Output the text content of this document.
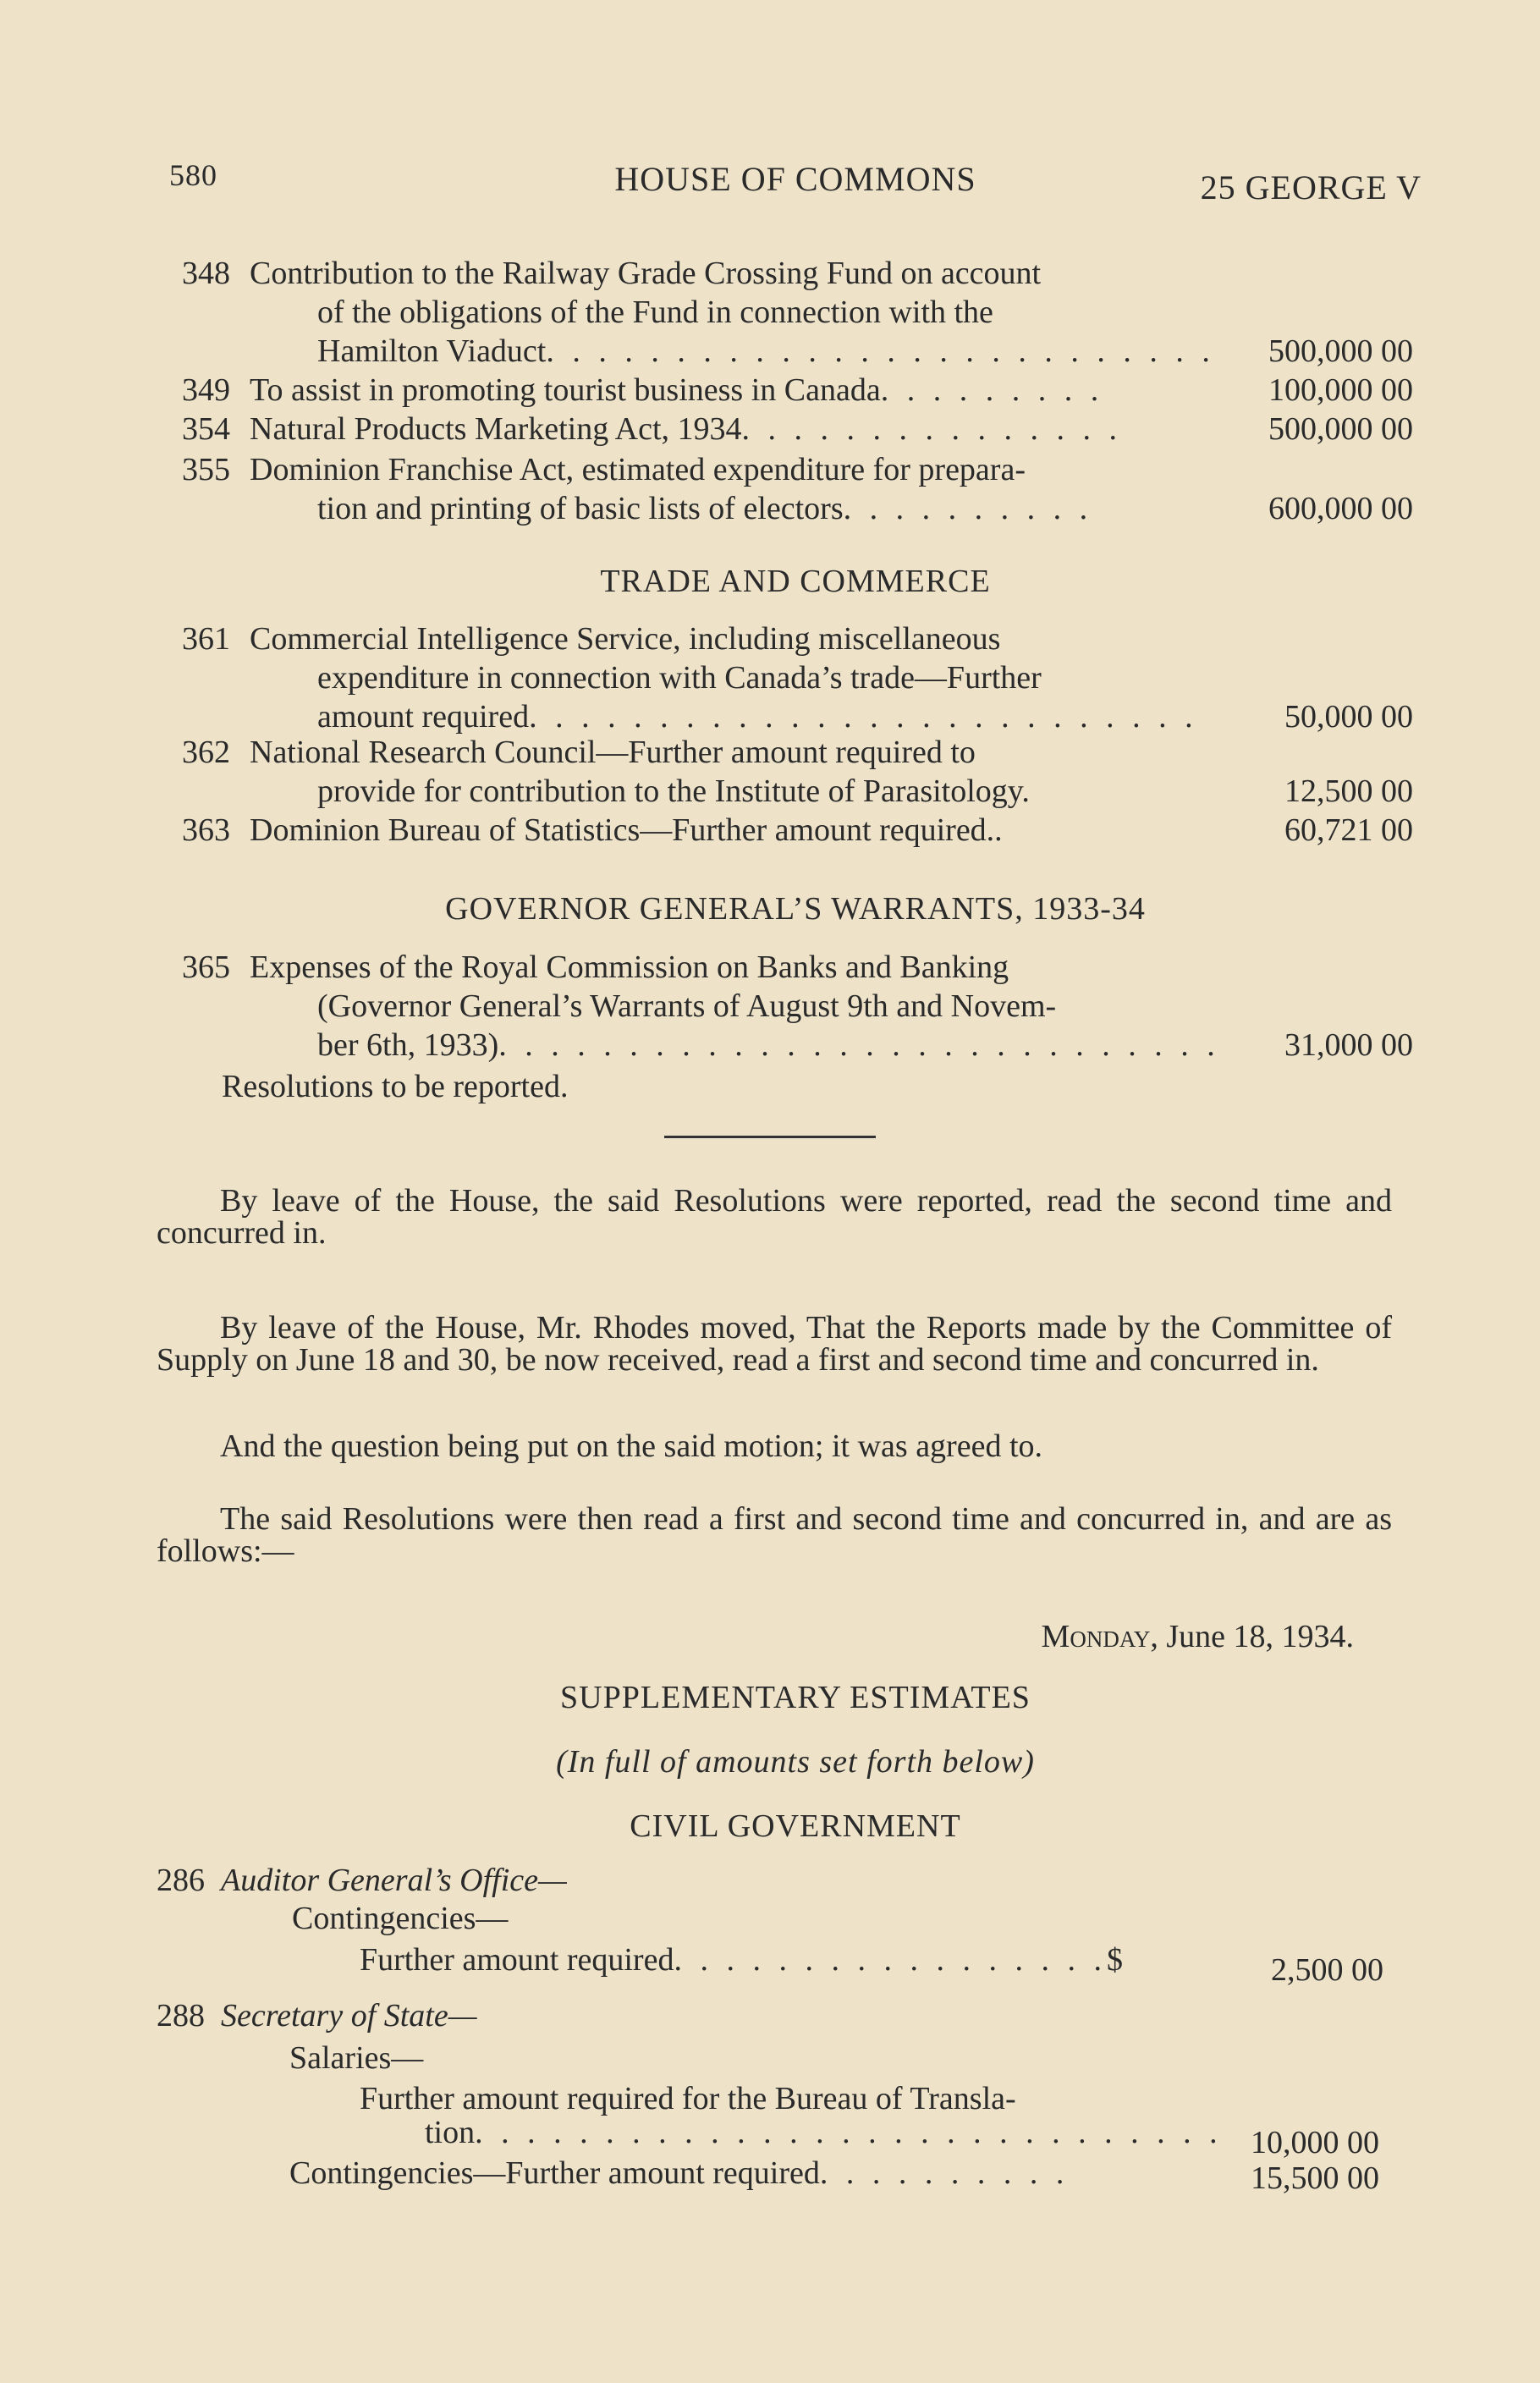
580	HOUSE OF COMMONS	25 GEORGE V
348 Contribution to the Railway Grade Crossing Fund on account
of the obligations of the Fund in connection with the
Hamilton Viaduct. . . . . . . . . . . . . . . . . . . . . . . . . .	500,000 00
349 To assist in promoting tourist business in Canada. . . . . . . . .	100,000 00
354 Natural Products Marketing Act, 1934. . . . . . . . . . . . . . .	500,000 00
355 Dominion Franchise Act, estimated expenditure for prepara-
tion and printing of basic lists of electors. . . . . . . . . .	600,000 00
TRADE AND COMMERCE
361 Commercial Intelligence Service, including miscellaneous
expenditure in connection with Canada’s trade—Further
amount required. . . . . . . . . . . . . . . . . . . . . . . . . .	50,000 00
362 National Research Council—Further amount required to
provide for contribution to the Institute of Parasitology.	12,500 00
363 Dominion Bureau of Statistics—Further amount required..	60,721 00
GOVERNOR GENERAL’S WARRANTS, 1933-34
365 Expenses of the Royal Commission on Banks and Banking
(Governor General’s Warrants of August 9th and Novem-
ber 6th, 1933). . . . . . . . . . . . . . . . . . . . . . . . . . . .	31,000 00
Resolutions to be reported.
By leave of the House, the said Resolutions were reported, read the second time and concurred in.
By leave of the House, Mr. Rhodes moved, That the Reports made by the Committee of Supply on June 18 and 30, be now received, read a first and second time and concurred in.
And the question being put on the said motion; it was agreed to.
The said Resolutions were then read a first and second time and concurred in, and are as follows:—
Monday, June 18, 1934.
SUPPLEMENTARY ESTIMATES
(In full of amounts set forth below)
CIVIL GOVERNMENT
286 Auditor General’s Office—
Contingencies—
Further amount required. . . . . . . . . . . . . . . . .$	2,500 00
288 Secretary of State—
Salaries—
Further amount required for the Bureau of Transla-
tion. . . . . . . . . . . . . . . . . . . . . . . . . . . . . 10,000 00
Contingencies—Further amount required. . . . . . . . . .	15,500 00
